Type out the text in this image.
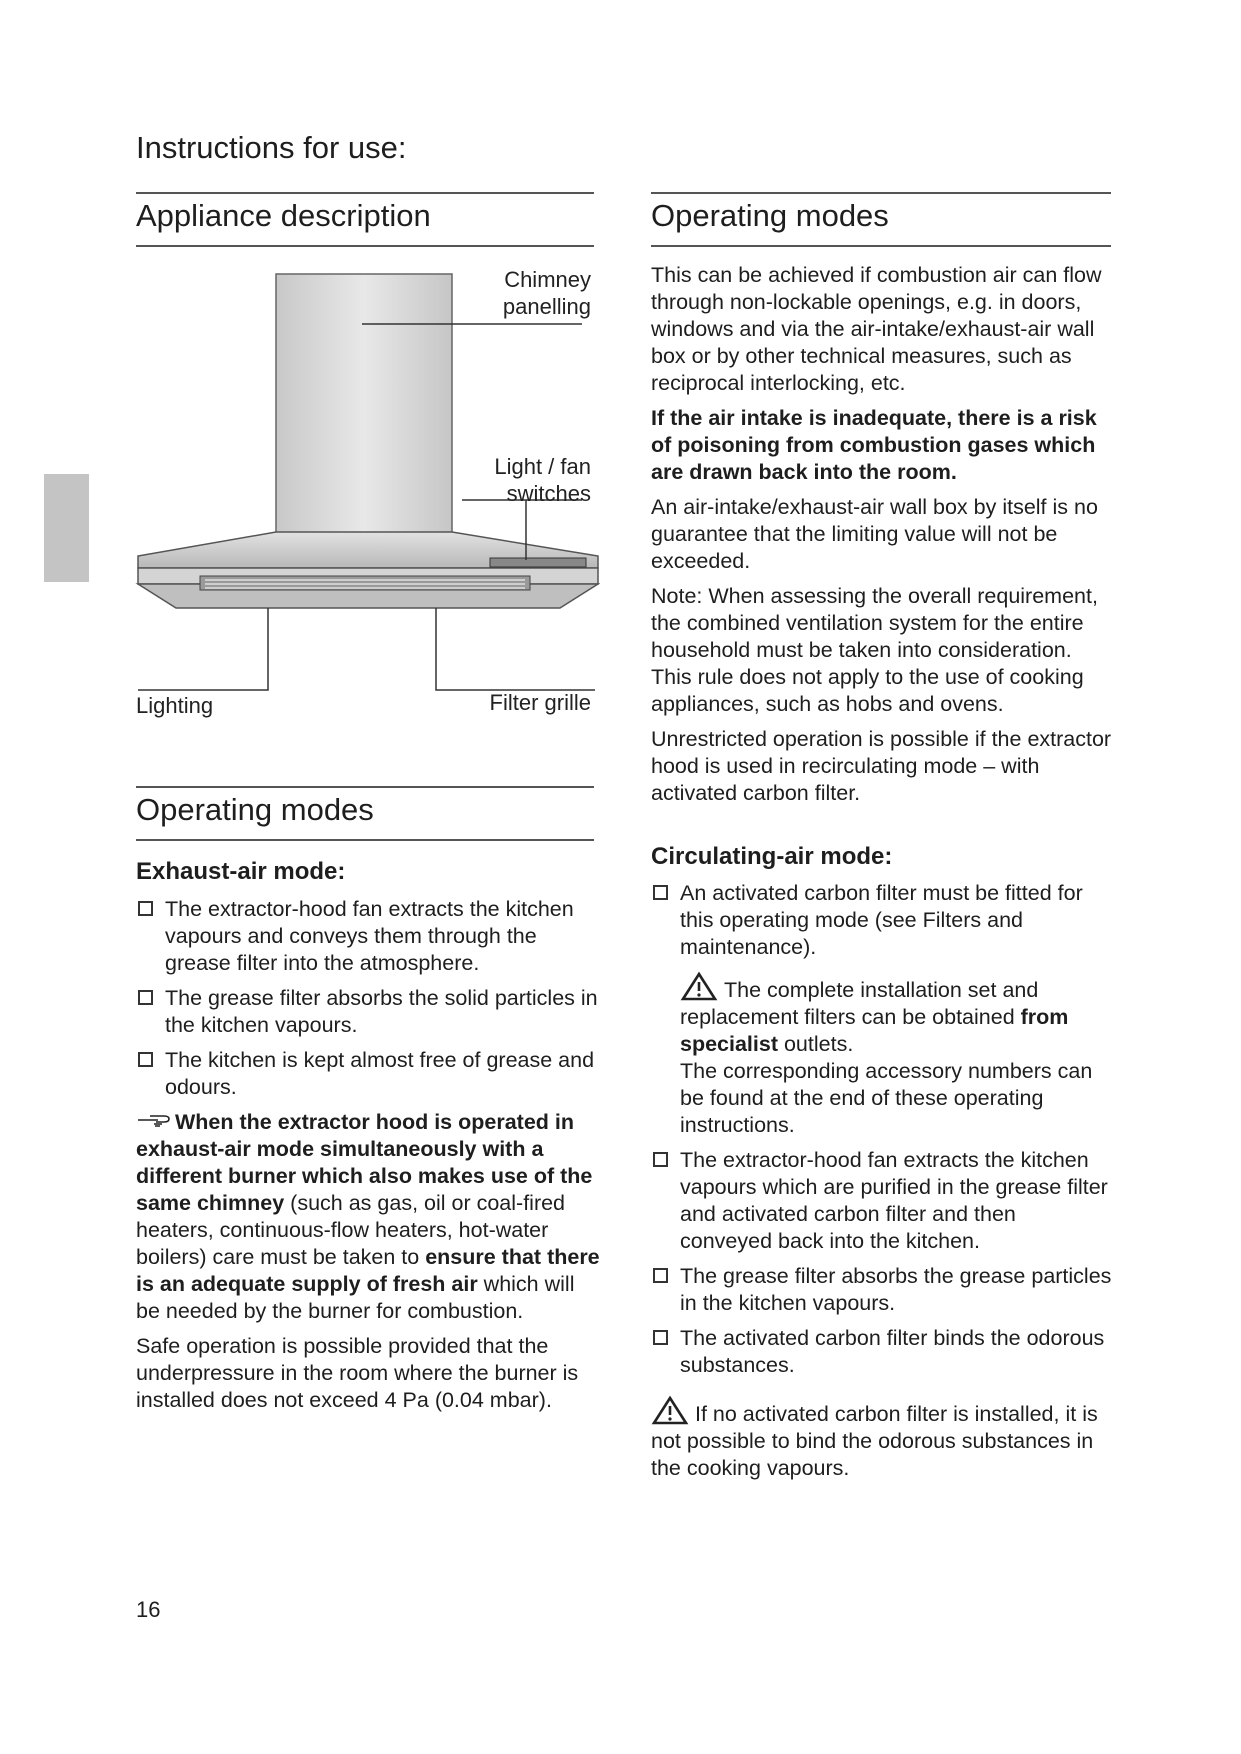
Instructions for use:
Appliance description
Chimney
panelling
Light / fan
switches
Lighting	Filter grille
Operating modes
Exhaust-air mode:
The extractor-hood fan extracts the kitchen vapours and conveys them through the grease filter into the atmosphere.
The grease filter absorbs the solid particles in the kitchen vapours.
The kitchen is kept almost free of grease and odours.
When the extractor hood is operated in exhaust-air mode simultaneously with a different burner which also makes use of the same chimney (such as gas, oil or coal-fired heaters, continuous-flow heaters, hot-water boilers) care must be taken to ensure that there is an adequate supply of fresh air which will be needed by the burner for combustion.

Safe operation is possible provided that the underpressure in the room where the burner is installed does not exceed 4 Pa (0.04 mbar).

Operating modes

This can be achieved if combustion air can flow through non-lockable openings, e.g. in doors, windows and via the air-intake/exhaust-air wall box or by other technical measures, such as reciprocal interlocking, etc.

If the air intake is inadequate, there is a risk of poisoning from combustion gases which are drawn back into the room.

An air-intake/exhaust-air wall box by itself is no guarantee that the limiting value will not be exceeded.

Note: When assessing the overall requirement, the combined ventilation system for the entire household must be taken into consideration. This rule does not apply to the use of cooking appliances, such as hobs and ovens.

Unrestricted operation is possible if the extractor hood is used in recirculating mode – with activated carbon filter.

Circulating-air mode:
An activated carbon filter must be fitted for this operating mode (see Filters and maintenance).
The complete installation set and replacement filters can be obtained from specialist outlets.
The corresponding accessory numbers can be found at the end of these operating instructions.
The extractor-hood fan extracts the kitchen vapours which are purified in the grease filter and activated carbon filter and then conveyed back into the kitchen.
The grease filter absorbs the grease particles in the kitchen vapours.
The activated carbon filter binds the odorous substances.

If no activated carbon filter is installed, it is not possible to bind the odorous substances in the cooking vapours.

16
